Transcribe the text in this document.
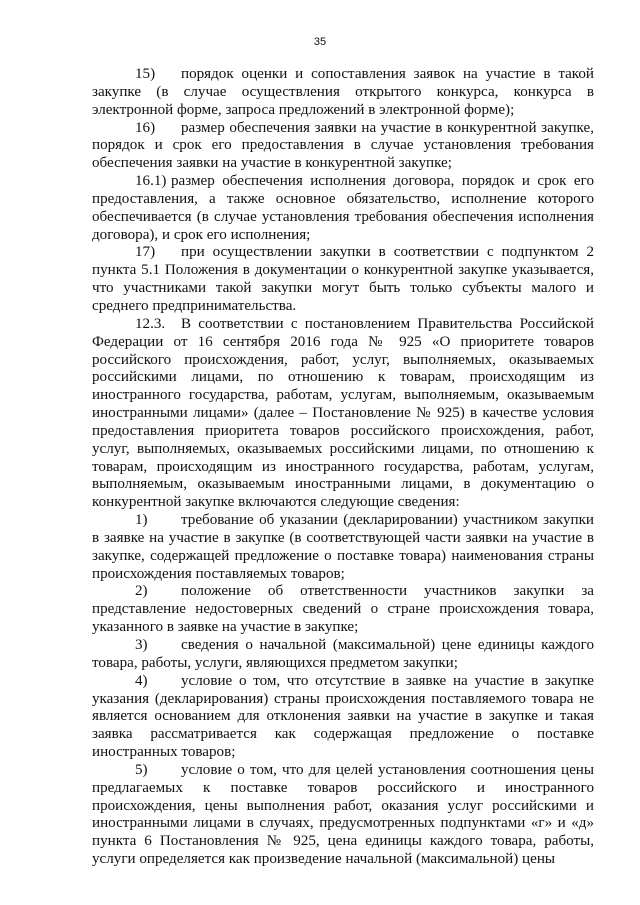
35

15) порядок оценки и сопоставления заявок на участие в такой закупке (в случае осуществления открытого конкурса, конкурса в электронной форме, запроса предложений в электронной форме);

16) размер обеспечения заявки на участие в конкурентной закупке, порядок и срок его предоставления в случае установления требования обеспечения заявки на участие в конкурентной закупке;

16.1) размер обеспечения исполнения договора, порядок и срок его предоставления, а также основное обязательство, исполнение которого обеспечивается (в случае установления требования обеспечения исполнения договора), и срок его исполнения;

17) при осуществлении закупки в соответствии с подпунктом 2 пункта 5.1 Положения в документации о конкурентной закупке указывается, что участниками такой закупки могут быть только субъекты малого и среднего предпринимательства.

12.3. В соответствии с постановлением Правительства Российской Федерации от 16 сентября 2016 года № 925 «О приоритете товаров российского происхождения, работ, услуг, выполняемых, оказываемых российскими лицами, по отношению к товарам, происходящим из иностранного государства, работам, услугам, выполняемым, оказываемым иностранными лицами» (далее – Постановление № 925) в качестве условия предоставления приоритета товаров российского происхождения, работ, услуг, выполняемых, оказываемых российскими лицами, по отношению к товарам, происходящим из иностранного государства, работам, услугам, выполняемым, оказываемым иностранными лицами, в документацию о конкурентной закупке включаются следующие сведения:

1) требование об указании (декларировании) участником закупки в заявке на участие в закупке (в соответствующей части заявки на участие в закупке, содержащей предложение о поставке товара) наименования страны происхождения поставляемых товаров;

2) положение об ответственности участников закупки за представление недостоверных сведений о стране происхождения товара, указанного в заявке на участие в закупке;

3) сведения о начальной (максимальной) цене единицы каждого товара, работы, услуги, являющихся предметом закупки;

4) условие о том, что отсутствие в заявке на участие в закупке указания (декларирования) страны происхождения поставляемого товара не является основанием для отклонения заявки на участие в закупке и такая заявка рассматривается как содержащая предложение о поставке иностранных товаров;

5) условие о том, что для целей установления соотношения цены предлагаемых к поставке товаров российского и иностранного происхождения, цены выполнения работ, оказания услуг российскими и иностранными лицами в случаях, предусмотренных подпунктами «г» и «д» пункта 6 Постановления № 925, цена единицы каждого товара, работы, услуги определяется как произведение начальной (максимальной) цены
